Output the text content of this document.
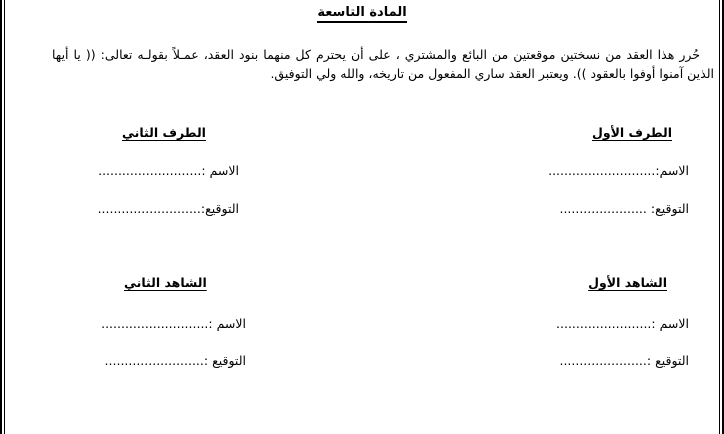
المادة التاسعة

حُرر هذا العقد من نسختين موقعتين من البائع والمشتري ، على أن يحترم كل منهما بنود العقد، عمـلاً بقولـه تعالى: (( يا أيها الذين آمنوا أوفوا بالعقود )). ويعتبر العقد ساري المفعول من تاريخه، والله ولي التوفيق.

الطرف الأول
الاسم:...........................
التوقيع: ......................
الطرف الثاني
الاسم :..........................
التوقيع:..........................
الشاهد الأول
الاسم :........................
التوقيع :......................
الشاهد الثاني
الاسم :...........................
التوقيع :.........................
